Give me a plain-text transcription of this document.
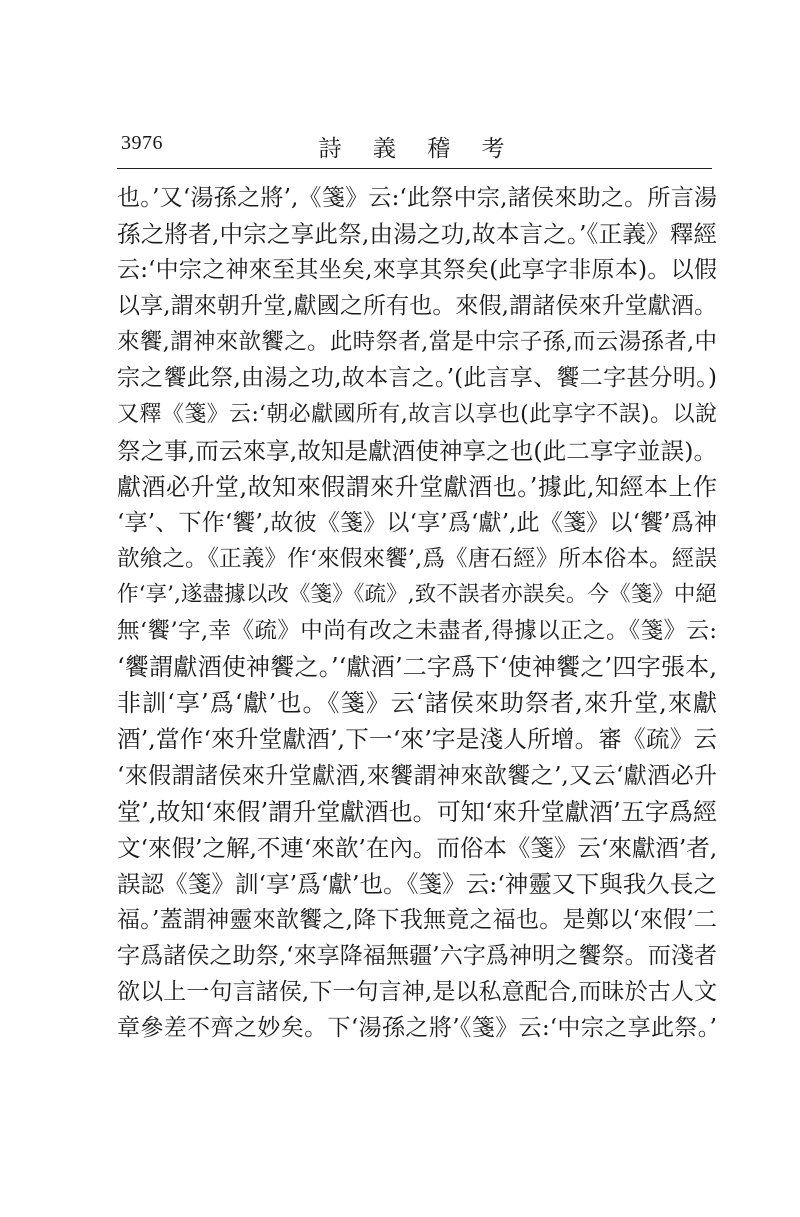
3976	詩 義 稽 考
也。’又‘湯孫之將’,《箋》云:‘此祭中宗,諸侯來助之。所言湯
孫之將者,中宗之享此祭,由湯之功,故本言之。’《正義》釋經
云:‘中宗之神來至其坐矣,來享其祭矣(此享字非原本)。以假
以享,謂來朝升堂,獻國之所有也。來假,謂諸侯來升堂獻酒。
來饗,謂神來歆饗之。此時祭者,當是中宗子孫,而云湯孫者,中
宗之饗此祭,由湯之功,故本言之。’(此言享、饗二字甚分明。)
又釋《箋》云:‘朝必獻國所有,故言以享也(此享字不誤)。以說
祭之事,而云來享,故知是獻酒使神享之也(此二享字並誤)。
獻酒必升堂,故知來假謂來升堂獻酒也。’據此,知經本上作
‘享’、下作‘饗’,故彼《箋》以‘享’爲‘獻’,此《箋》以‘饗’爲神
歆飨之。《正義》作‘來假來饗’,爲《唐石經》所本俗本。經誤
作‘享’,遂盡據以改《箋》《疏》,致不誤者亦誤矣。今《箋》中絕
無‘饗’字,幸《疏》中尚有改之未盡者,得據以正之。《箋》云:
‘饗謂獻酒使神饗之。’‘獻酒’二字爲下‘使神饗之’四字張本,
非訓‘享’爲‘獻’也。《箋》云‘諸侯來助祭者,來升堂,來獻
酒’,當作‘來升堂獻酒’,下一‘來’字是淺人所增。審《疏》云
‘來假謂諸侯來升堂獻酒,來饗謂神來歆饗之’,又云‘獻酒必升
堂’,故知‘來假’謂升堂獻酒也。可知‘來升堂獻酒’五字爲經
文‘來假’之解,不連‘來歆’在內。而俗本《箋》云‘來獻酒’者,
誤認《箋》訓‘享’爲‘獻’也。《箋》云:‘神靈又下與我久長之
福。’蓋謂神靈來歆饗之,降下我無竟之福也。是鄭以‘來假’二
字爲諸侯之助祭,‘來享降福無疆’六字爲神明之饗祭。而淺者
欲以上一句言諸侯,下一句言神,是以私意配合,而昧於古人文
章參差不齊之妙矣。下‘湯孫之將’《箋》云:‘中宗之享此祭。’
